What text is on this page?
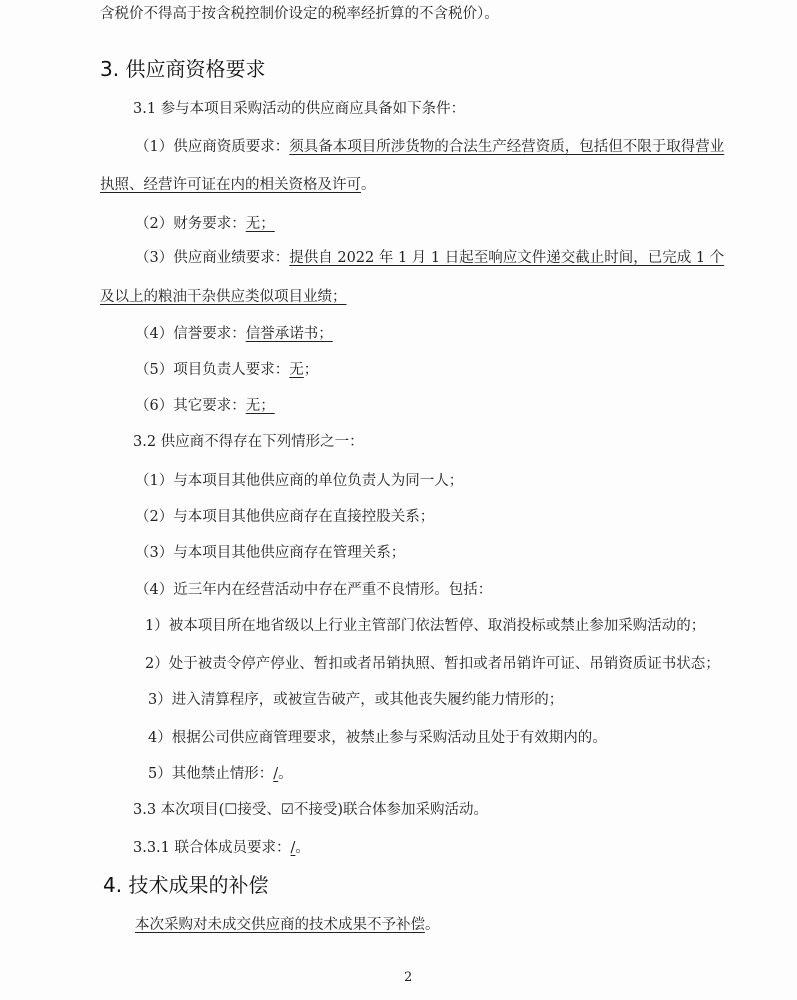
含税价不得高于按含税控制价设定的税率经折算的不含税价）。
3. 供应商资格要求
3.1 参与本项目采购活动的供应商应具备如下条件：
（1）供应商资质要求：须具备本项目所涉货物的合法生产经营资质，包括但不限于取得营业
执照、经营许可证在内的相关资格及许可。
（2）财务要求：无；
（3）供应商业绩要求：提供自 2022 年 1 月 1 日起至响应文件递交截止时间，已完成 1 个
及以上的粮油干杂供应类似项目业绩；
（4）信誉要求：信誉承诺书；
（5）项目负责人要求：无；
（6）其它要求：无；
3.2 供应商不得存在下列情形之一：
（1）与本项目其他供应商的单位负责人为同一人；
（2）与本项目其他供应商存在直接控股关系；
（3）与本项目其他供应商存在管理关系；
（4）近三年内在经营活动中存在严重不良情形。包括：
1）被本项目所在地省级以上行业主管部门依法暂停、取消投标或禁止参加采购活动的；
2）处于被责令停产停业、暂扣或者吊销执照、暂扣或者吊销许可证、吊销资质证书状态；
3）进入清算程序，或被宣告破产，或其他丧失履约能力情形的；
4）根据公司供应商管理要求，被禁止参与采购活动且处于有效期内的。
5）其他禁止情形：/。
3.3 本次项目(☐接受、☑不接受)联合体参加采购活动。
3.3.1 联合体成员要求：/。
4. 技术成果的补偿
本次采购对未成交供应商的技术成果不予补偿。
2
